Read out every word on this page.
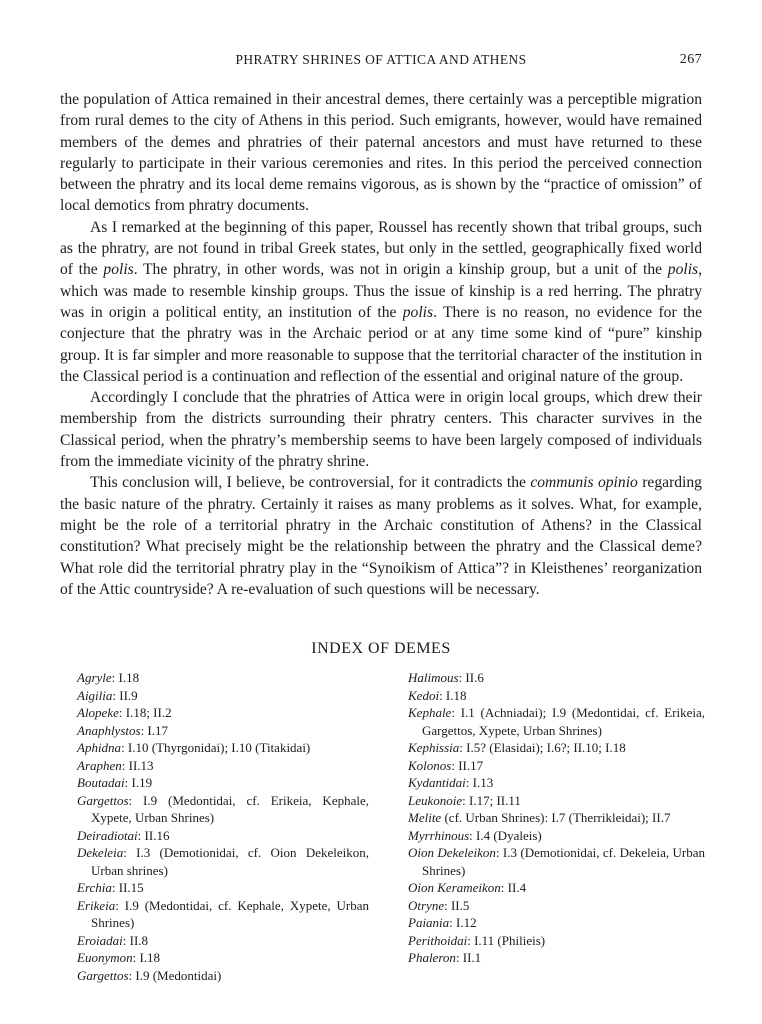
PHRATRY SHRINES OF ATTICA AND ATHENS	267

the population of Attica remained in their ancestral demes, there certainly was a perceptible migration from rural demes to the city of Athens in this period. Such emigrants, however, would have remained members of the demes and phratries of their paternal ancestors and must have returned to these regularly to participate in their various ceremonies and rites. In this period the perceived connection between the phratry and its local deme remains vigorous, as is shown by the “practice of omission” of local demotics from phratry documents.

As I remarked at the beginning of this paper, Roussel has recently shown that tribal groups, such as the phratry, are not found in tribal Greek states, but only in the settled, geographically fixed world of the polis. The phratry, in other words, was not in origin a kinship group, but a unit of the polis, which was made to resemble kinship groups. Thus the issue of kinship is a red herring. The phratry was in origin a political entity, an institution of the polis. There is no reason, no evidence for the conjecture that the phratry was in the Archaic period or at any time some kind of “pure” kinship group. It is far simpler and more reasonable to suppose that the territorial character of the institution in the Classical period is a continuation and reflection of the essential and original nature of the group.

Accordingly I conclude that the phratries of Attica were in origin local groups, which drew their membership from the districts surrounding their phratry centers. This character survives in the Classical period, when the phratry’s membership seems to have been largely composed of individuals from the immediate vicinity of the phratry shrine.

This conclusion will, I believe, be controversial, for it contradicts the communis opinio regarding the basic nature of the phratry. Certainly it raises as many problems as it solves. What, for example, might be the role of a territorial phratry in the Archaic constitution of Athens? in the Classical constitution? What precisely might be the relationship between the phratry and the Classical deme? What role did the territorial phratry play in the “Synoikism of Attica”? in Kleisthenes’ reorganization of the Attic countryside? A re-evaluation of such questions will be necessary.

INDEX OF DEMES
Agryle: I.18
Aigilia: II.9
Alopeke: I.18; II.2
Anaphlystos: I.17
Aphidna: I.10 (Thyrgonidai); I.10 (Titakidai)
Araphen: II.13
Boutadai: I.19
Gargettos: I.9 (Medontidai, cf. Erikeia, Kephale, Xypete, Urban Shrines)
Deiradiotai: II.16
Dekeleia: I.3 (Demotionidai, cf. Oion Dekeleikon, Urban shrines)
Erchia: II.15
Erikeia: I.9 (Medontidai, cf. Kephale, Xypete, Urban Shrines)
Eroiadai: II.8
Euonymon: I.18
Gargettos: I.9 (Medontidai)
Halimous: II.6
Kedoi: I.18
Kephale: I.1 (Achniadai); I.9 (Medontidai, cf. Erikeia, Gargettos, Xypete, Urban Shrines)
Kephissia: I.5? (Elasidai); I.6?; II.10; I.18
Kolonos: II.17
Kydantidai: I.13
Leukonoie: I.17; II.11
Melite (cf. Urban Shrines): I.7 (Therrikleidai); II.7
Myrrhinous: I.4 (Dyaleis)
Oion Dekeleikon: I.3 (Demotionidai, cf. Dekeleia, Urban Shrines)
Oion Kerameikon: II.4
Otryne: II.5
Paiania: I.12
Perithoidai: I.11 (Philieis)
Phaleron: II.1
